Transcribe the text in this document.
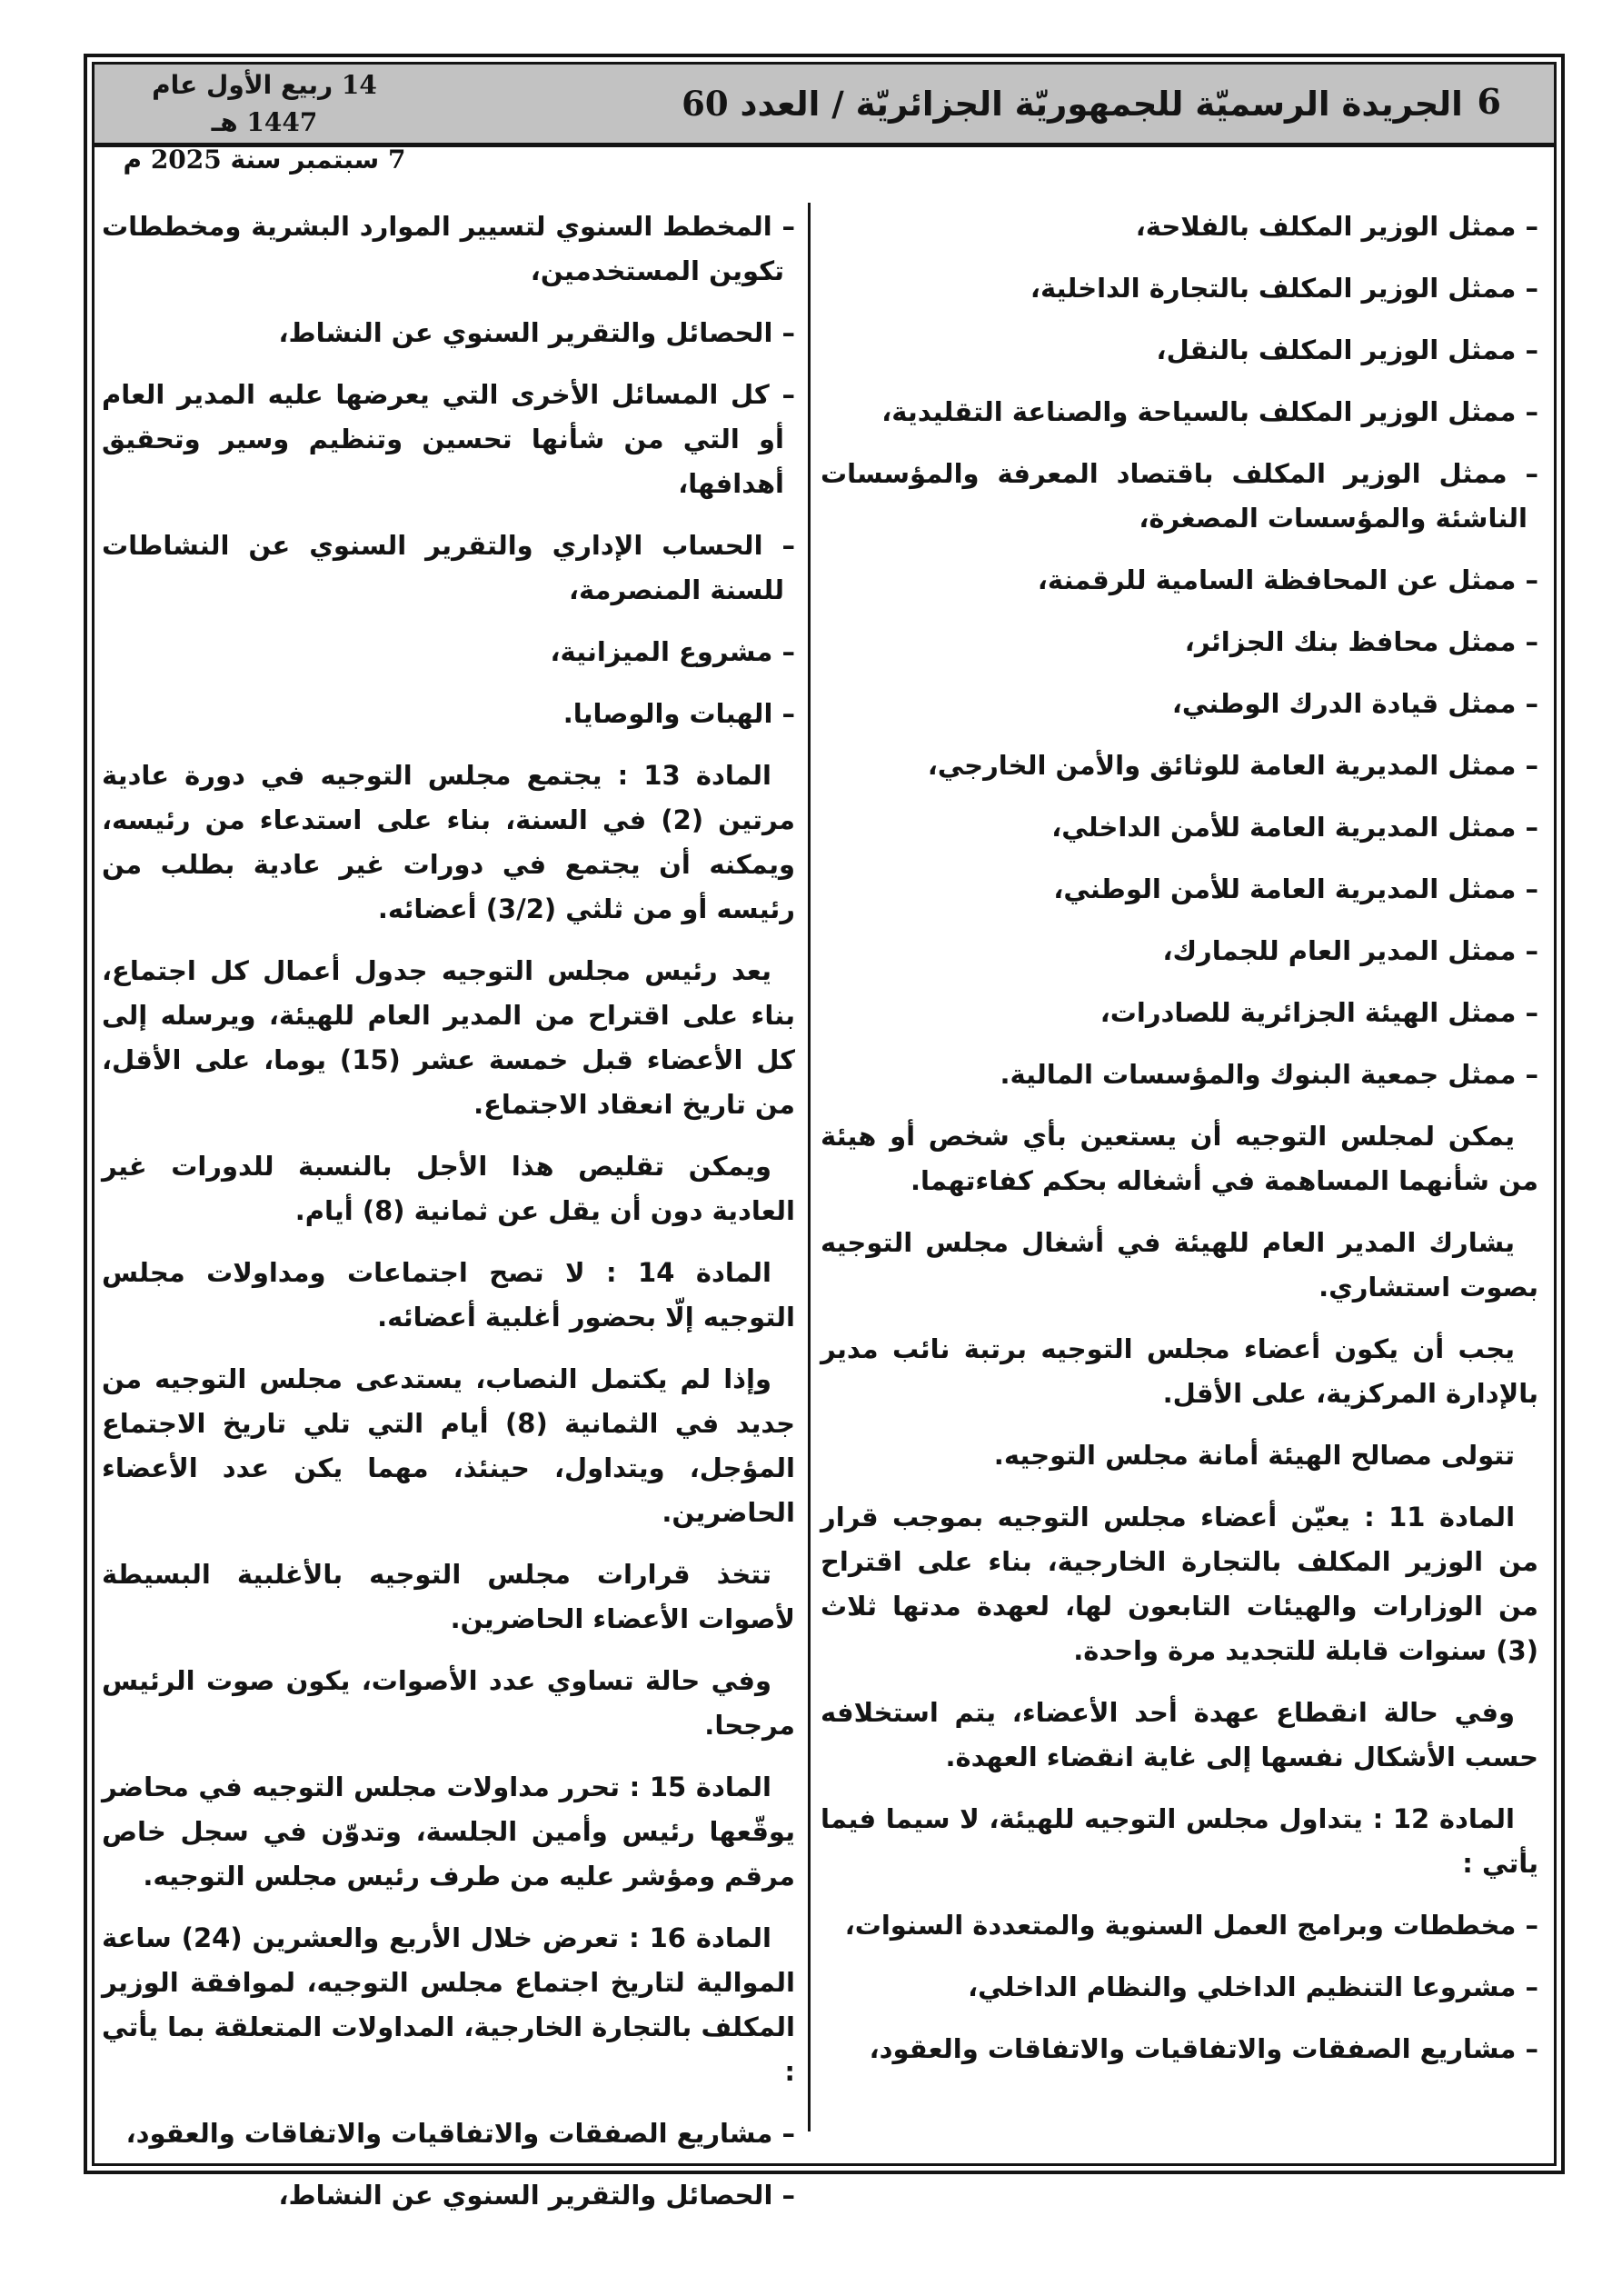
14 ربيع الأول عام 1447 هـ
7 سبتمبر سنة 2025 م
الجريدة الرسميّة للجمهوريّة الجزائريّة / العدد 60 6
– ممثل الوزير المكلف بالفلاحة،
– ممثل الوزير المكلف بالتجارة الداخلية،
– ممثل الوزير المكلف بالنقل،
– ممثل الوزير المكلف بالسياحة والصناعة التقليدية،
– ممثل الوزير المكلف باقتصاد المعرفة والمؤسسات الناشئة والمؤسسات المصغرة،
– ممثل عن المحافظة السامية للرقمنة،
– ممثل محافظ بنك الجزائر،
– ممثل قيادة الدرك الوطني،
– ممثل المديرية العامة للوثائق والأمن الخارجي،
– ممثل المديرية العامة للأمن الداخلي،
– ممثل المديرية العامة للأمن الوطني،
– ممثل المدير العام للجمارك،
– ممثل الهيئة الجزائرية للصادرات،
– ممثل جمعية البنوك والمؤسسات المالية.
يمكن لمجلس التوجيه أن يستعين بأي شخص أو هيئة من شأنهما المساهمة في أشغاله بحكم كفاءتهما.
يشارك المدير العام للهيئة في أشغال مجلس التوجيه بصوت استشاري.
يجب أن يكون أعضاء مجلس التوجيه برتبة نائب مدير بالإدارة المركزية، على الأقل.
تتولى مصالح الهيئة أمانة مجلس التوجيه.
المادة 11 : يعيّن أعضاء مجلس التوجيه بموجب قرار من الوزير المكلف بالتجارة الخارجية، بناء على اقتراح من الوزارات والهيئات التابعون لها، لعهدة مدتها ثلاث (3) سنوات قابلة للتجديد مرة واحدة.
وفي حالة انقطاع عهدة أحد الأعضاء، يتم استخلافه حسب الأشكال نفسها إلى غاية انقضاء العهدة.
المادة 12 : يتداول مجلس التوجيه للهيئة، لا سيما فيما يأتي :
– مخططات وبرامج العمل السنوية والمتعددة السنوات،
– مشروعا التنظيم الداخلي والنظام الداخلي،
– مشاريع الصفقات والاتفاقيات والاتفاقات والعقود،
– المخطط السنوي لتسيير الموارد البشرية ومخططات تكوين المستخدمين،
– الحصائل والتقرير السنوي عن النشاط،
– كل المسائل الأخرى التي يعرضها عليه المدير العام أو التي من شأنها تحسين وتنظيم وسير وتحقيق أهدافها،
– الحساب الإداري والتقرير السنوي عن النشاطات للسنة المنصرمة،
– مشروع الميزانية،
– الهبات والوصايا.
المادة 13 : يجتمع مجلس التوجيه في دورة عادية مرتين (2) في السنة، بناء على استدعاء من رئيسه، ويمكنه أن يجتمع في دورات غير عادية بطلب من رئيسه أو من ثلثي (3/2) أعضائه.
يعد رئيس مجلس التوجيه جدول أعمال كل اجتماع، بناء على اقتراح من المدير العام للهيئة، ويرسله إلى كل الأعضاء قبل خمسة عشر (15) يوما، على الأقل، من تاريخ انعقاد الاجتماع.
ويمكن تقليص هذا الأجل بالنسبة للدورات غير العادية دون أن يقل عن ثمانية (8) أيام.
المادة 14 : لا تصح اجتماعات ومداولات مجلس التوجيه إلّا بحضور أغلبية أعضائه.
وإذا لم يكتمل النصاب، يستدعى مجلس التوجيه من جديد في الثمانية (8) أيام التي تلي تاريخ الاجتماع المؤجل، ويتداول، حينئذ، مهما يكن عدد الأعضاء الحاضرين.
تتخذ قرارات مجلس التوجيه بالأغلبية البسيطة لأصوات الأعضاء الحاضرين.
وفي حالة تساوي عدد الأصوات، يكون صوت الرئيس مرجحا.
المادة 15 : تحرر مداولات مجلس التوجيه في محاضر يوقّعها رئيس وأمين الجلسة، وتدوّن في سجل خاص مرقم ومؤشر عليه من طرف رئيس مجلس التوجيه.
المادة 16 : تعرض خلال الأربع والعشرين (24) ساعة الموالية لتاريخ اجتماع مجلس التوجيه، لموافقة الوزير المكلف بالتجارة الخارجية، المداولات المتعلقة بما يأتي :
– مشاريع الصفقات والاتفاقيات والاتفاقات والعقود،
– الحصائل والتقرير السنوي عن النشاط،
